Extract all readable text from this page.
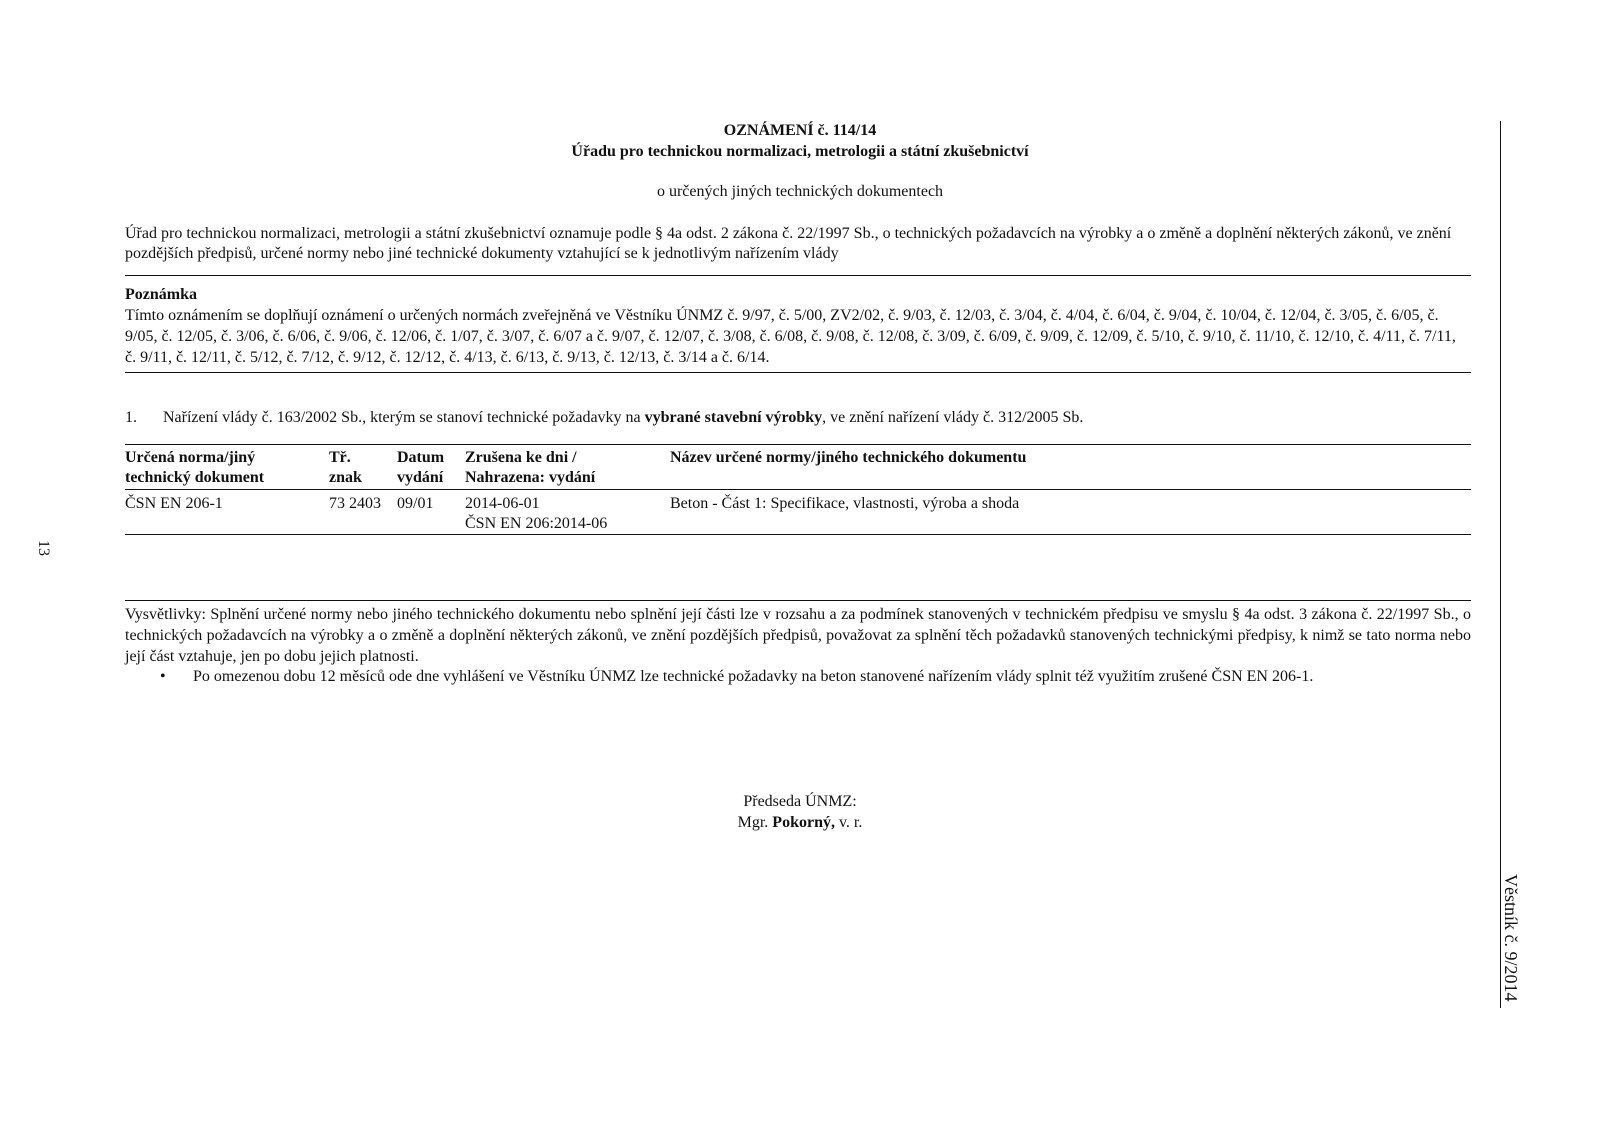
OZNÁMENÍ č. 114/14
Úřadu pro technickou normalizaci, metrologii a státní zkušebnictví
o určených jiných technických dokumentech
Úřad pro technickou normalizaci, metrologii a státní zkušebnictví oznamuje podle § 4a odst. 2 zákona č. 22/1997 Sb., o technických požadavcích na výrobky a o změně a doplnění některých zákonů, ve znění pozdějších předpisů, určené normy nebo jiné technické dokumenty vztahující se k jednotlivým nařízením vlády
Poznámka
Tímto oznámením se doplňují oznámení o určených normách zveřejněná ve Věstníku ÚNMZ č. 9/97, č. 5/00, ZV2/02, č. 9/03, č. 12/03, č. 3/04, č. 4/04, č. 6/04, č. 9/04, č. 10/04, č. 12/04, č. 3/05, č. 6/05, č. 9/05, č. 12/05, č. 3/06, č. 6/06, č. 9/06, č. 12/06, č. 1/07, č. 3/07, č. 6/07 a č. 9/07, č. 12/07, č. 3/08, č. 6/08, č. 9/08, č. 12/08, č. 3/09, č. 6/09, č. 9/09, č. 12/09, č. 5/10, č. 9/10, č. 11/10, č. 12/10, č. 4/11, č. 7/11, č. 9/11, č. 12/11, č. 5/12, č. 7/12, č. 9/12, č. 12/12, č. 4/13, č. 6/13, č. 9/13, č. 12/13, č. 3/14 a č. 6/14.
1. Nařízení vlády č. 163/2002 Sb., kterým se stanoví technické požadavky na vybrané stavební výrobky, ve znění nařízení vlády č. 312/2005 Sb.
Určená norma/jiný
technický dokument
Tř.
znak
Datum
vydání
Zrušena ke dni /
Nahrazena: vydání
Název určené normy/jiného technického dokumentu
ČSN EN 206-1	73 2403 09/01 2014-06-01
ČSN EN 206:2014-06
Beton - Část 1: Specifikace, vlastnosti, výroba a shoda
Vysvětlivky: Splnění určené normy nebo jiného technického dokumentu nebo splnění její části lze v rozsahu a za podmínek stanovených v technickém předpisu ve smyslu § 4a odst. 3 zákona č. 22/1997 Sb., o technických požadavcích na výrobky a o změně a doplnění některých zákonů, ve znění pozdějších předpisů, považovat za splnění těch požadavků stanovených technickými předpisy, k nimž se tato norma nebo její část vztahuje, jen po dobu jejich platnosti.
• Po omezenou dobu 12 měsíců ode dne vyhlášení ve Věstníku ÚNMZ lze technické požadavky na beton stanovené nařízením vlády splnit též využitím zrušené ČSN EN 206-1.
Předseda ÚNMZ:
Mgr. Pokorný, v. r.
13
Věstník č. 9/2014
